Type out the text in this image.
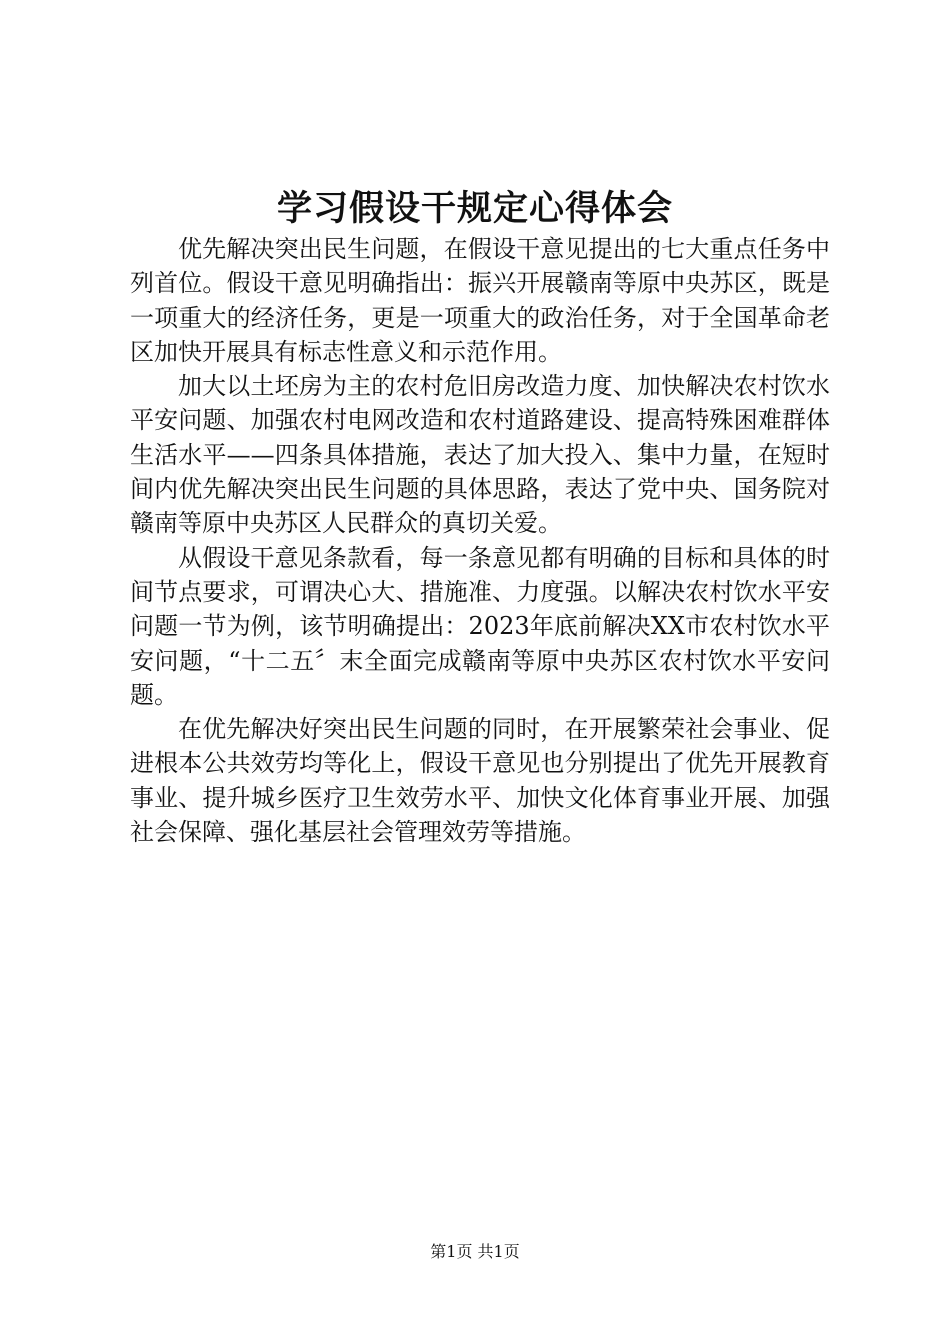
学习假设干规定心得体会

优先解决突出民生问题，在假设干意见提出的七大重点任务中列首位。假设干意见明确指出：振兴开展赣南等原中央苏区，既是一项重大的经济任务，更是一项重大的政治任务，对于全国革命老区加快开展具有标志性意义和示范作用。

加大以土坯房为主的农村危旧房改造力度、加快解决农村饮水平安问题、加强农村电网改造和农村道路建设、提高特殊困难群体生活水平——四条具体措施，表达了加大投入、集中力量，在短时间内优先解决突出民生问题的具体思路，表达了党中央、国务院对赣南等原中央苏区人民群众的真切关爱。

从假设干意见条款看，每一条意见都有明确的目标和具体的时间节点要求，可谓决心大、措施准、力度强。以解决农村饮水平安问题一节为例，该节明确提出：2023年底前解决XX市农村饮水平安问题，“十二五〞末全面完成赣南等原中央苏区农村饮水平安问题。

在优先解决好突出民生问题的同时，在开展繁荣社会事业、促进根本公共效劳均等化上，假设干意见也分别提出了优先开展教育事业、提升城乡医疗卫生效劳水平、加快文化体育事业开展、加强社会保障、强化基层社会管理效劳等措施。

第1页 共1页
